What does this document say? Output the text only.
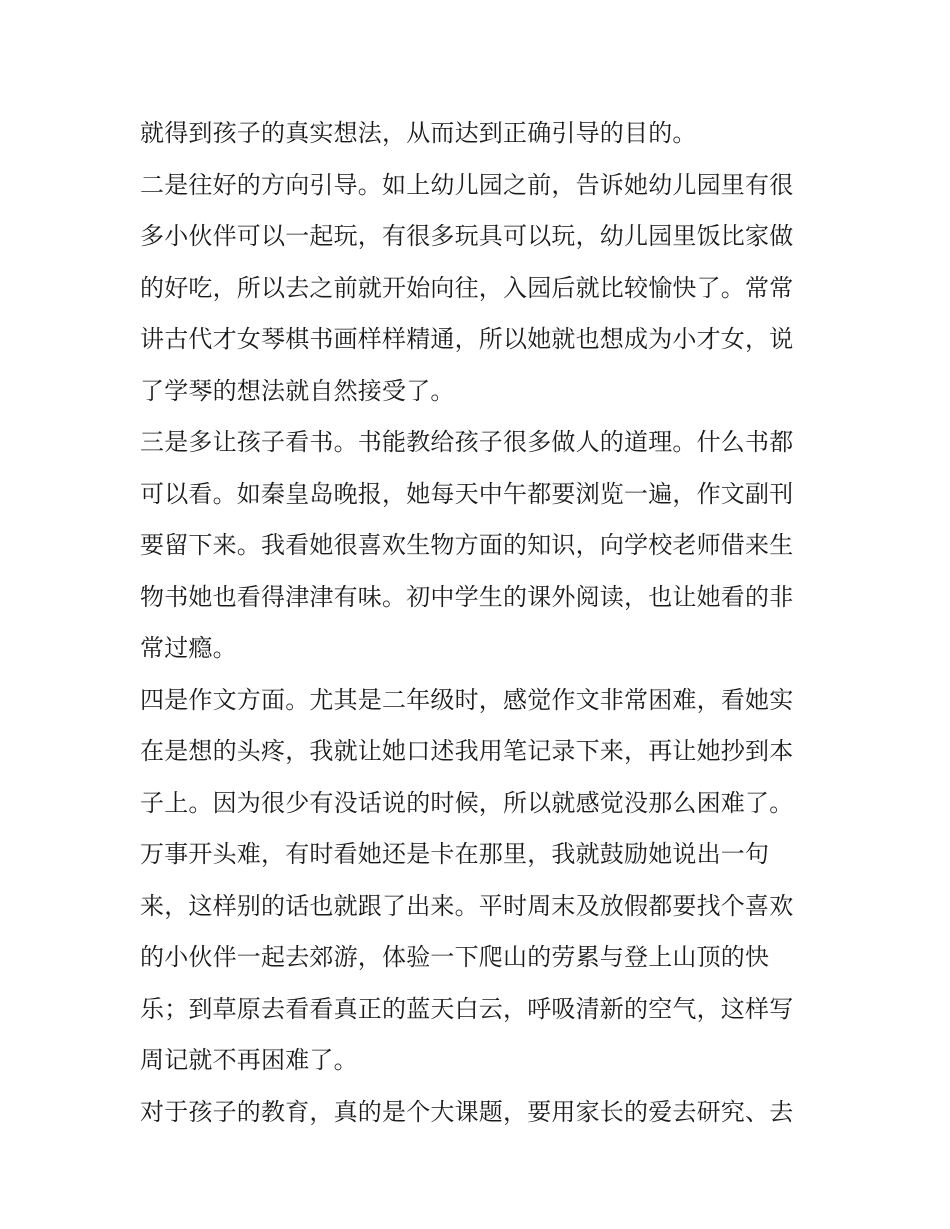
就得到孩子的真实想法，从而达到正确引导的目的。
二是往好的方向引导。如上幼儿园之前，告诉她幼儿园里有很
多小伙伴可以一起玩，有很多玩具可以玩，幼儿园里饭比家做
的好吃，所以去之前就开始向往，入园后就比较愉快了。常常
讲古代才女琴棋书画样样精通，所以她就也想成为小才女，说
了学琴的想法就自然接受了。
三是多让孩子看书。书能教给孩子很多做人的道理。什么书都
可以看。如秦皇岛晚报，她每天中午都要浏览一遍，作文副刊
要留下来。我看她很喜欢生物方面的知识，向学校老师借来生
物书她也看得津津有味。初中学生的课外阅读，也让她看的非
常过瘾。
四是作文方面。尤其是二年级时，感觉作文非常困难，看她实
在是想的头疼，我就让她口述我用笔记录下来，再让她抄到本
子上。因为很少有没话说的时候，所以就感觉没那么困难了。
万事开头难，有时看她还是卡在那里，我就鼓励她说出一句
来，这样别的话也就跟了出来。平时周末及放假都要找个喜欢
的小伙伴一起去郊游，体验一下爬山的劳累与登上山顶的快
乐；到草原去看看真正的蓝天白云，呼吸清新的空气，这样写
周记就不再困难了。
对于孩子的教育，真的是个大课题，要用家长的爱去研究、去
